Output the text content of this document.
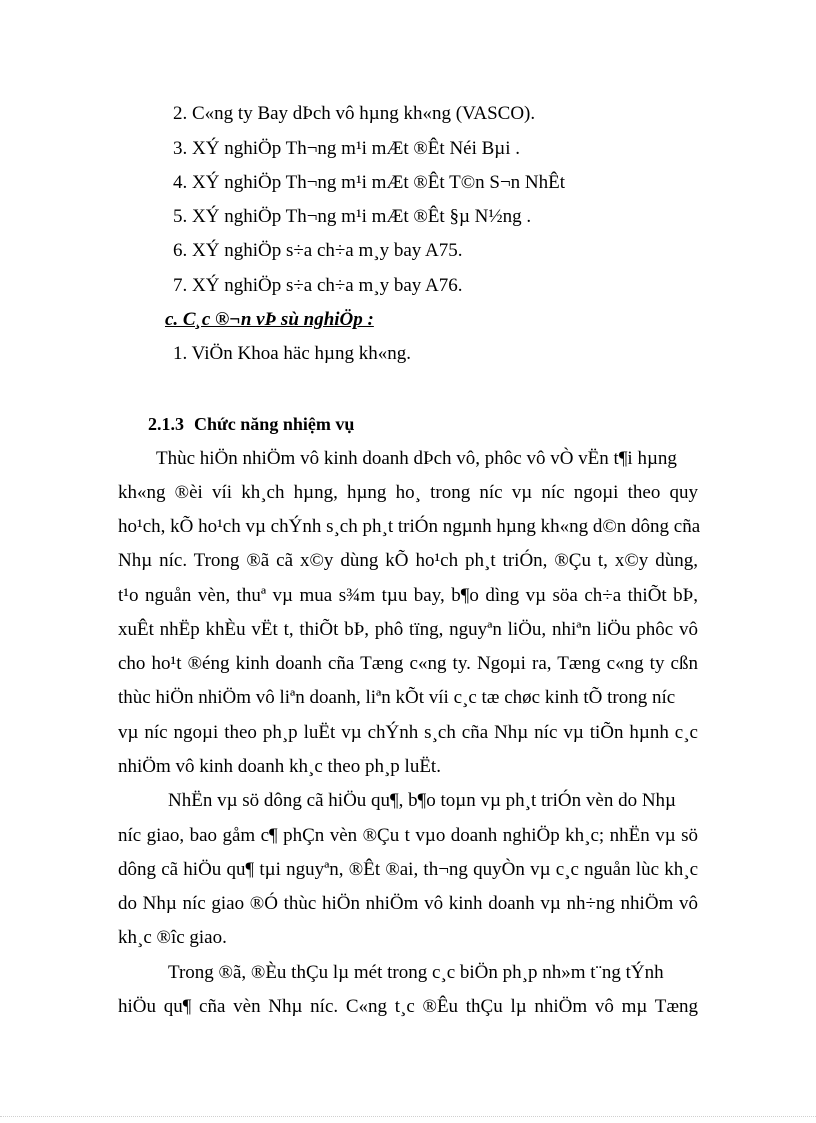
2. C«ng ty Bay dÞch vô hµng kh«ng (VASCO).
3. XÝ nghiÖp Th¬ng m¹i mÆt ®Êt Néi Bµi .
4. XÝ nghiÖp Th¬ng m¹i mÆt ®Êt T©n S¬n NhÊt
5. XÝ nghiÖp Th¬ng m¹i mÆt ®Êt §µ N½ng .
6. XÝ nghiÖp s÷a ch÷a m¸y bay A75.
7. XÝ nghiÖp s÷a ch÷a m¸y bay A76.
c. C¸c ®¬n vÞ sù nghiÖp :
1. ViÖn Khoa häc hµng kh«ng.
2.1.3 Chức năng nhiệm vụ
Thùc hiÖn nhiÖm vô kinh doanh dÞch vô, phôc vô vÒ vËn t¶i hµng
kh«ng ®èi víi kh¸ch hµng, hµng ho¸ trong níc vµ níc ngoµi theo quy
ho¹ch, kÕ ho¹ch vµ chÝnh s¸ch ph¸t triÓn ngµnh hµng kh«ng d©n dông cña
Nhµ níc. Trong ®ã cã x©y dùng kÕ ho¹ch ph¸t triÓn, ®Çu t, x©y dùng,
t¹o nguån vèn, thuª vµ mua s¾m tµu bay, b¶o dìng vµ söa ch÷a thiÕt bÞ,
xuÊt nhËp khÈu vËt t, thiÕt bÞ, phô tïng, nguyªn liÖu, nhiªn liÖu phôc vô
cho ho¹t ®éng kinh doanh cña Tæng c«ng ty. Ngoµi ra, Tæng c«ng ty cßn
thùc hiÖn nhiÖm vô liªn doanh, liªn kÕt víi c¸c tæ chøc kinh tÕ trong níc
vµ níc ngoµi theo ph¸p luËt vµ chÝnh s¸ch cña Nhµ níc vµ tiÕn hµnh c¸c
nhiÖm vô kinh doanh kh¸c theo ph¸p luËt.
NhËn vµ sö dông cã hiÖu qu¶, b¶o toµn vµ ph¸t triÓn vèn do Nhµ
níc giao, bao gåm c¶ phÇn vèn ®Çu t vµo doanh nghiÖp kh¸c; nhËn vµ sö
dông cã hiÖu qu¶ tµi nguyªn, ®Êt ®ai, th¬ng quyÒn vµ c¸c nguån lùc kh¸c
do Nhµ níc giao ®Ó thùc hiÖn nhiÖm vô kinh doanh vµ nh÷ng nhiÖm vô
kh¸c ®îc giao.
Trong ®ã, ®Èu thÇu lµ mét trong c¸c biÖn ph¸p nh»m t¨ng tÝnh
hiÖu qu¶ cña vèn Nhµ níc. C«ng t¸c ®Êu thÇu lµ nhiÖm vô mµ Tæng
